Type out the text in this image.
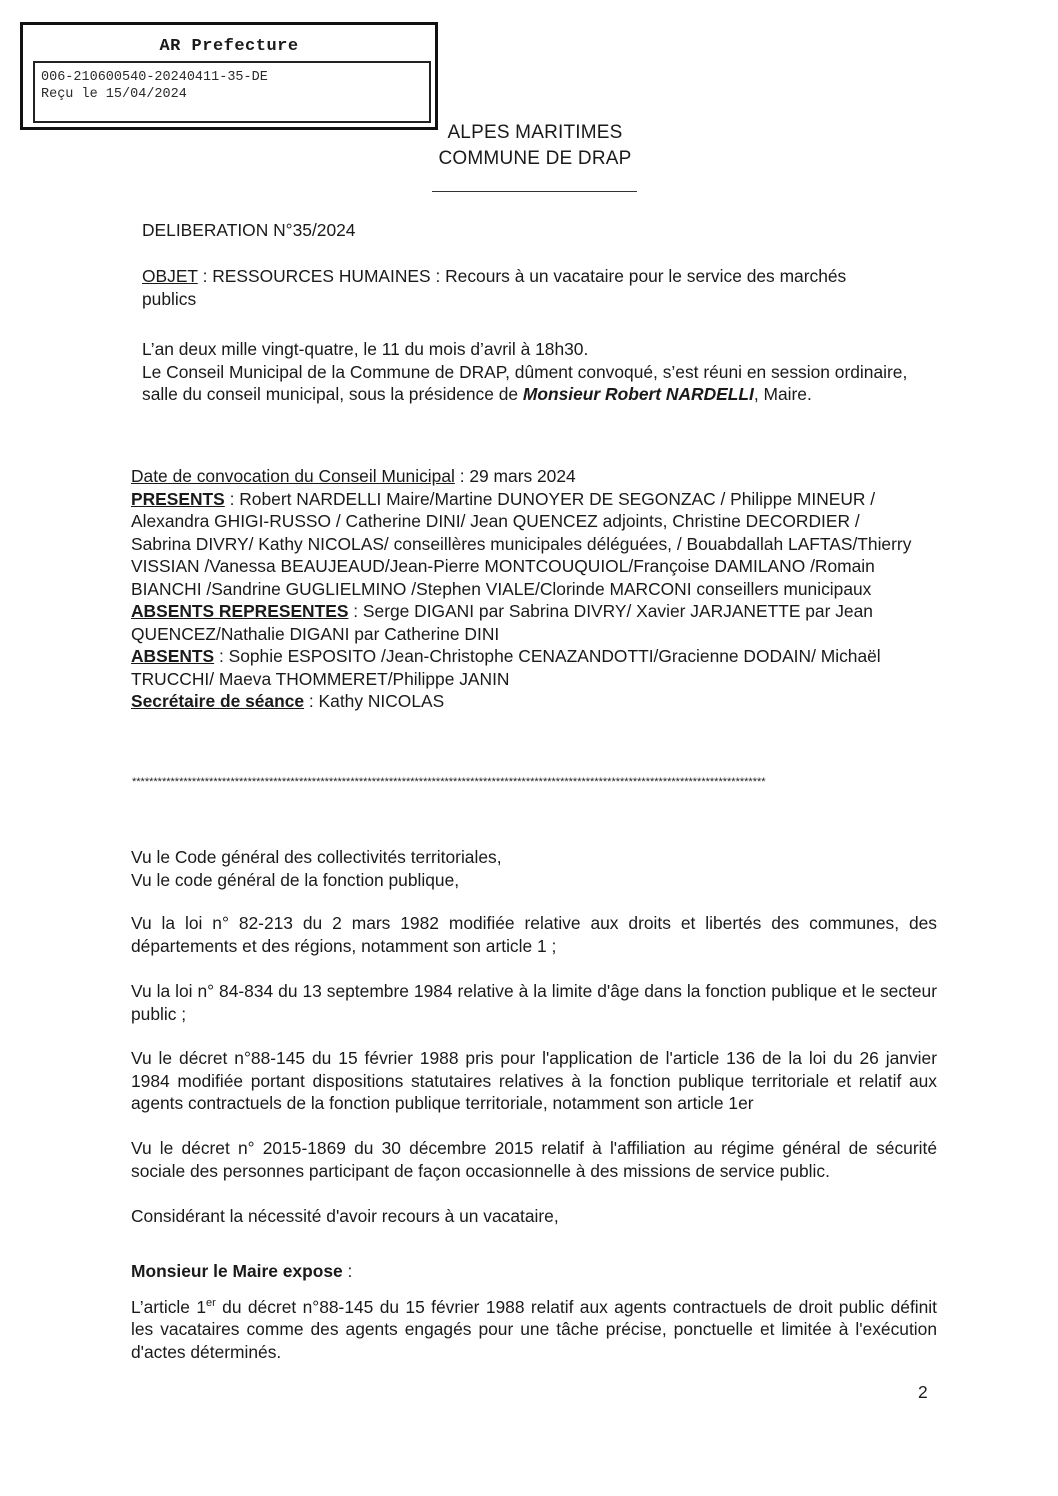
AR Prefecture
006-210600540-20240411-35-DE
Reçu le 15/04/2024
ALPES MARITIMES
COMMUNE DE DRAP
DELIBERATION N°35/2024
OBJET : RESSOURCES HUMAINES : Recours à un vacataire pour le service des marchés publics
L’an deux mille vingt-quatre, le 11 du mois d’avril à 18h30.
Le Conseil Municipal de la Commune de DRAP, dûment convoqué, s’est réuni en session ordinaire, salle du conseil municipal, sous la présidence de Monsieur Robert NARDELLI, Maire.
Date de convocation du Conseil Municipal : 29 mars 2024
PRESENTS : Robert NARDELLI Maire/Martine DUNOYER DE SEGONZAC / Philippe MINEUR / Alexandra GHIGI-RUSSO / Catherine DINI/ Jean QUENCEZ adjoints, Christine DECORDIER / Sabrina DIVRY/ Kathy NICOLAS/ conseillères municipales déléguées, / Bouabdallah LAFTAS/Thierry VISSIAN /Vanessa BEAUJEAUD/Jean-Pierre MONTCOUQUIOL/Françoise DAMILANO /Romain BIANCHI /Sandrine GUGLIELMINO /Stephen VIALE/Clorinde MARCONI conseillers municipaux
ABSENTS REPRESENTES : Serge DIGANI par Sabrina DIVRY/ Xavier JARJANETTE par Jean QUENCEZ/Nathalie DIGANI par Catherine DINI
ABSENTS : Sophie ESPOSITO /Jean-Christophe CENAZANDOTTI/Gracienne DODAIN/ Michaël TRUCCHI/ Maeva THOMMERET/Philippe JANIN
Secrétaire de séance : Kathy NICOLAS
****************************************************************************************************************************************************
Vu le Code général des collectivités territoriales,
Vu le code général de la fonction publique,
Vu la loi n° 82-213 du 2 mars 1982 modifiée relative aux droits et libertés des communes, des départements et des régions, notamment son article 1 ;
Vu la loi n° 84-834 du 13 septembre 1984 relative à la limite d'âge dans la fonction publique et le secteur public ;
Vu le décret n°88-145 du 15 février 1988 pris pour l'application de l'article 136 de la loi du 26 janvier 1984 modifiée portant dispositions statutaires relatives à la fonction publique territoriale et relatif aux agents contractuels de la fonction publique territoriale, notamment son article 1er
Vu le décret n° 2015-1869 du 30 décembre 2015 relatif à l'affiliation au régime général de sécurité sociale des personnes participant de façon occasionnelle à des missions de service public.
Considérant la nécessité d'avoir recours à un vacataire,
Monsieur le Maire expose :
L’article 1er du décret n°88-145 du 15 février 1988 relatif aux agents contractuels de droit public définit les vacataires comme des agents engagés pour une tâche précise, ponctuelle et limitée à l'exécution d'actes déterminés.
2
